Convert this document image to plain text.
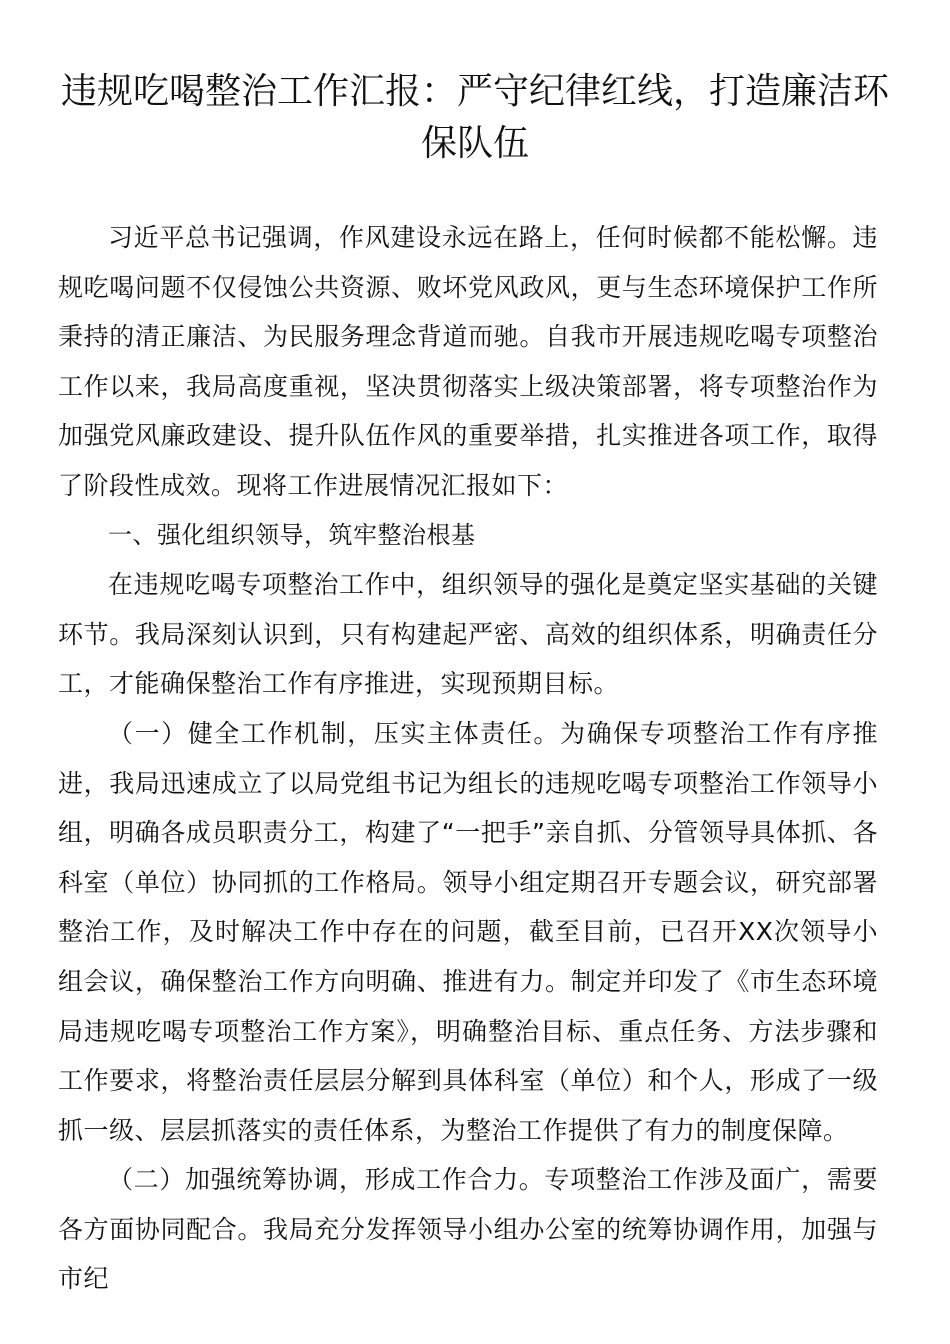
违规吃喝整治工作汇报：严守纪律红线，打造廉洁环保队伍

习近平总书记强调，作风建设永远在路上，任何时候都不能松懈。违规吃喝问题不仅侵蚀公共资源、败坏党风政风，更与生态环境保护工作所秉持的清正廉洁、为民服务理念背道而驰。自我市开展违规吃喝专项整治工作以来，我局高度重视，坚决贯彻落实上级决策部署，将专项整治作为加强党风廉政建设、提升队伍作风的重要举措，扎实推进各项工作，取得了阶段性成效。现将工作进展情况汇报如下：

一、强化组织领导，筑牢整治根基

在违规吃喝专项整治工作中，组织领导的强化是奠定坚实基础的关键环节。我局深刻认识到，只有构建起严密、高效的组织体系，明确责任分工，才能确保整治工作有序推进，实现预期目标。

（一）健全工作机制，压实主体责任。为确保专项整治工作有序推进，我局迅速成立了以局党组书记为组长的违规吃喝专项整治工作领导小组，明确各成员职责分工，构建了“一把手”亲自抓、分管领导具体抓、各科室（单位）协同抓的工作格局。领导小组定期召开专题会议，研究部署整治工作，及时解决工作中存在的问题，截至目前，已召开XX次领导小组会议，确保整治工作方向明确、推进有力。制定并印发了《市生态环境局违规吃喝专项整治工作方案》，明确整治目标、重点任务、方法步骤和工作要求，将整治责任层层分解到具体科室（单位）和个人，形成了一级抓一级、层层抓落实的责任体系，为整治工作提供了有力的制度保障。

（二）加强统筹协调，形成工作合力。专项整治工作涉及面广，需要各方面协同配合。我局充分发挥领导小组办公室的统筹协调作用，加强与市纪
